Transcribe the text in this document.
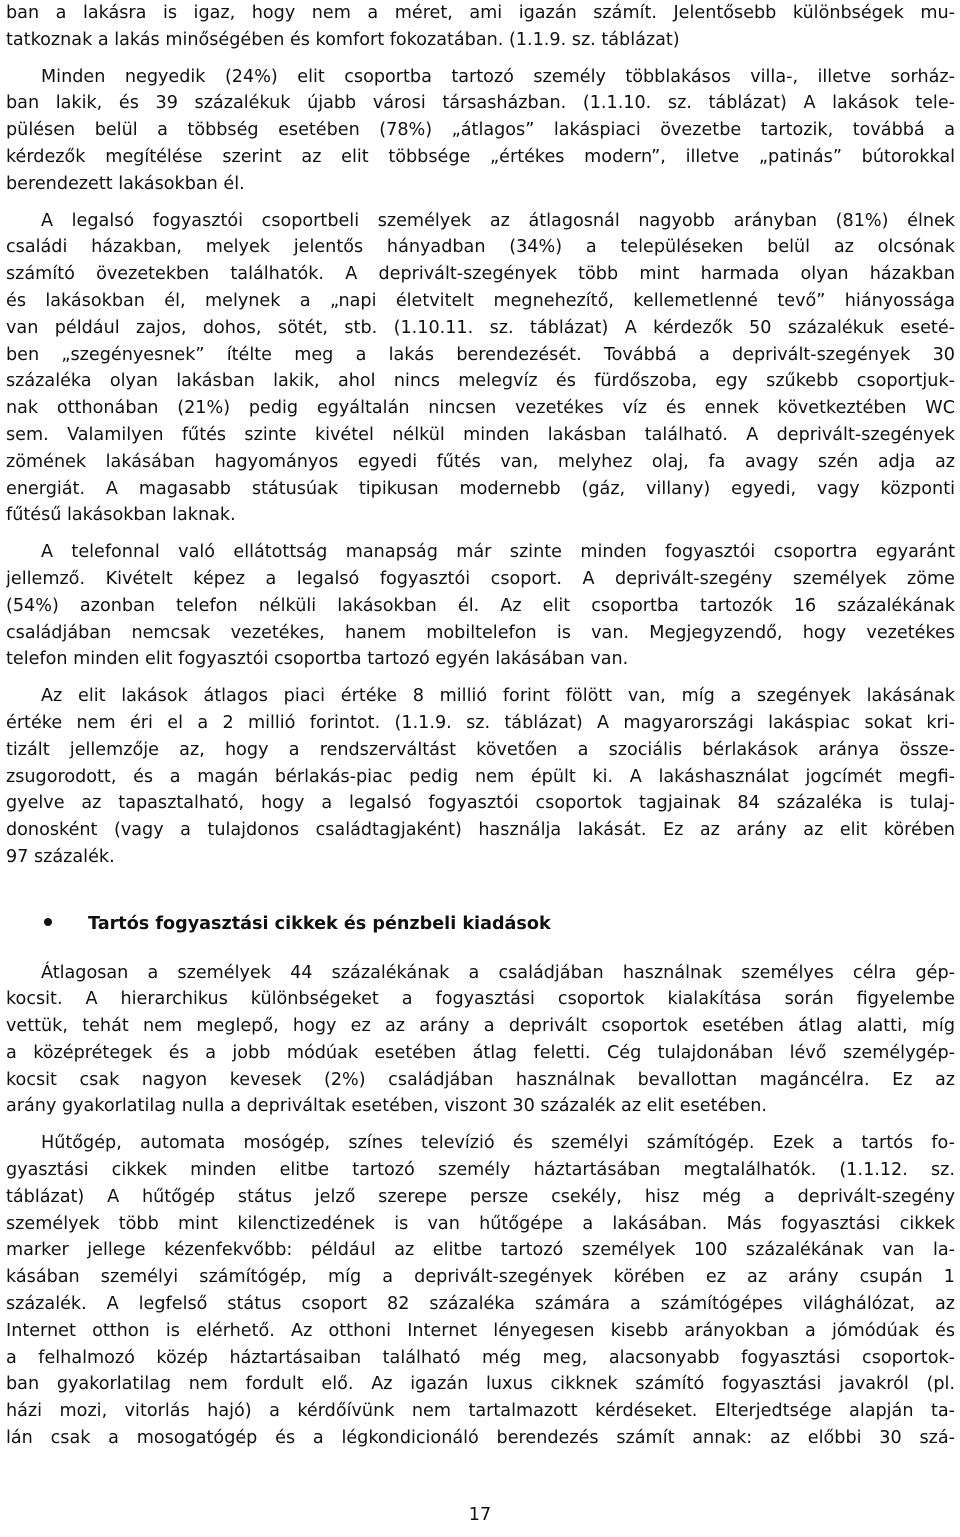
ban a lakásra is igaz, hogy nem a méret, ami igazán számít. Jelentősebb különbségek mu-
tatkoznak a lakás minőségében és komfort fokozatában. (1.1.9. sz. táblázat)
Minden negyedik (24%) elit csoportba tartozó személy többlakásos villa-, illetve sorház-
ban lakik, és 39 százalékuk újabb városi társasházban. (1.1.10. sz. táblázat) A lakások tele-
pülésen belül a többség esetében (78%) „átlagos” lakáspiaci övezetbe tartozik, továbbá a
kérdezők megítélése szerint az elit többsége „értékes modern”, illetve „patinás” bútorokkal
berendezett lakásokban él.
A legalsó fogyasztói csoportbeli személyek az átlagosnál nagyobb arányban (81%) élnek
családi házakban, melyek jelentős hányadban (34%) a településeken belül az olcsónak
számító övezetekben találhatók. A deprivált-szegények több mint harmada olyan házakban
és lakásokban él, melynek a „napi életvitelt megnehezítő, kellemetlenné tevő” hiányossága
van például zajos, dohos, sötét, stb. (1.10.11. sz. táblázat) A kérdezők 50 százalékuk eseté-
ben „szegényesnek” ítélte meg a lakás berendezését. Továbbá a deprivált-szegények 30
százaléka olyan lakásban lakik, ahol nincs melegvíz és fürdőszoba, egy szűkebb csoportjuk-
nak otthonában (21%) pedig egyáltalán nincsen vezetékes víz és ennek következtében WC
sem. Valamilyen fűtés szinte kivétel nélkül minden lakásban található. A deprivált-szegények
zömének lakásában hagyományos egyedi fűtés van, melyhez olaj, fa avagy szén adja az
energiát. A magasabb státusúak tipikusan modernebb (gáz, villany) egyedi, vagy központi
fűtésű lakásokban laknak.
A telefonnal való ellátottság manapság már szinte minden fogyasztói csoportra egyaránt
jellemző. Kivételt képez a legalsó fogyasztói csoport. A deprivált-szegény személyek zöme
(54%) azonban telefon nélküli lakásokban él. Az elit csoportba tartozók 16 százalékának
családjában nemcsak vezetékes, hanem mobiltelefon is van. Megjegyzendő, hogy vezetékes
telefon minden elit fogyasztói csoportba tartozó egyén lakásában van.
Az elit lakások átlagos piaci értéke 8 millió forint fölött van, míg a szegények lakásának
értéke nem éri el a 2 millió forintot. (1.1.9. sz. táblázat) A magyarországi lakáspiac sokat kri-
tizált jellemzője az, hogy a rendszerváltást követően a szociális bérlakások aránya össze-
zsugorodott, és a magán bérlakás-piac pedig nem épült ki. A lakáshasználat jogcímét megfi-
gyelve az tapasztalható, hogy a legalsó fogyasztói csoportok tagjainak 84 százaléka is tulaj-
donosként (vagy a tulajdonos családtagjaként) használja lakását. Ez az arány az elit körében
97 százalék.
Tartós fogyasztási cikkek és pénzbeli kiadások
Átlagosan a személyek 44 százalékának a családjában használnak személyes célra gép-
kocsit. A hierarchikus különbségeket a fogyasztási csoportok kialakítása során figyelembe
vettük, tehát nem meglepő, hogy ez az arány a deprivált csoportok esetében átlag alatti, míg
a középrétegek és a jobb módúak esetében átlag feletti. Cég tulajdonában lévő személygép-
kocsit csak nagyon kevesek (2%) családjában használnak bevallottan magáncélra. Ez az
arány gyakorlatilag nulla a depriváltak esetében, viszont 30 százalék az elit esetében.
Hűtőgép, automata mosógép, színes televízió és személyi számítógép. Ezek a tartós fo-
gyasztási cikkek minden elitbe tartozó személy háztartásában megtalálhatók. (1.1.12. sz.
táblázat) A hűtőgép státus jelző szerepe persze csekély, hisz még a deprivált-szegény
személyek több mint kilenctizedének is van hűtőgépe a lakásában. Más fogyasztási cikkek
marker jellege kézenfekvőbb: például az elitbe tartozó személyek 100 százalékának van la-
kásában személyi számítógép, míg a deprivált-szegények körében ez az arány csupán 1
százalék. A legfelső státus csoport 82 százaléka számára a számítógépes világhálózat, az
Internet otthon is elérhető. Az otthoni Internet lényegesen kisebb arányokban a jómódúak és
a felhalmozó közép háztartásaiban található még meg, alacsonyabb fogyasztási csoportok-
ban gyakorlatilag nem fordult elő. Az igazán luxus cikknek számító fogyasztási javakról (pl.
házi mozi, vitorlás hajó) a kérdőívünk nem tartalmazott kérdéseket. Elterjedtsége alapján ta-
lán csak a mosogatógép és a légkondicionáló berendezés számít annak: az előbbi 30 szá-
17
